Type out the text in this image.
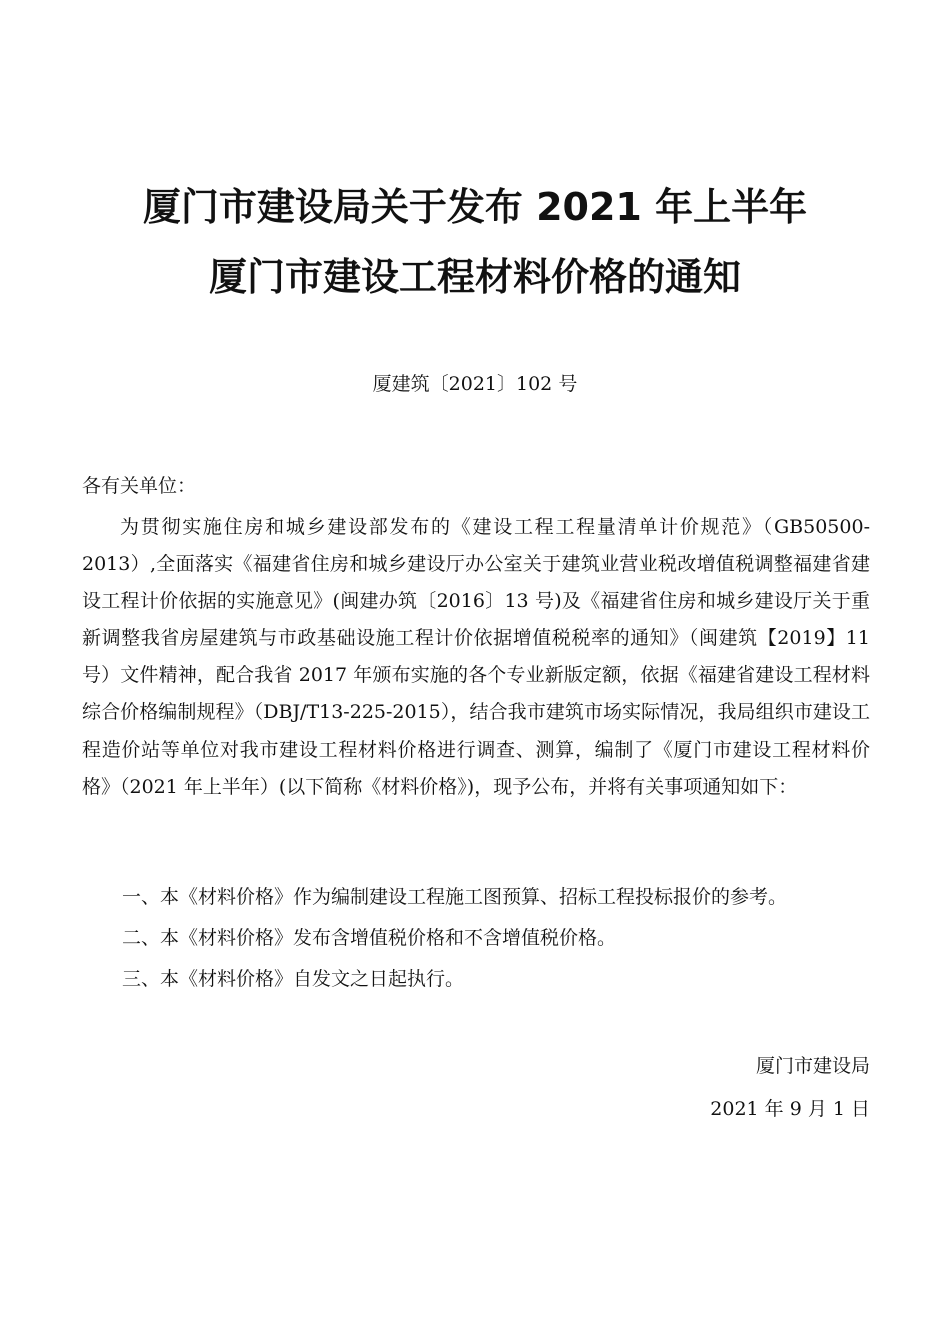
厦门市建设局关于发布 2021 年上半年
厦门市建设工程材料价格的通知
厦建筑〔2021〕102 号
各有关单位：

为贯彻实施住房和城乡建设部发布的《建设工程工程量清单计价规范》（GB50500-2013）,全面落实《福建省住房和城乡建设厅办公室关于建筑业营业税改增值税调整福建省建设工程计价依据的实施意见》(闽建办筑〔2016〕13 号)及《福建省住房和城乡建设厅关于重新调整我省房屋建筑与市政基础设施工程计价依据增值税税率的通知》（闽建筑【2019】11 号）文件精神，配合我省 2017 年颁布实施的各个专业新版定额，依据《福建省建设工程材料综合价格编制规程》（DBJ/T13-225-2015），结合我市建筑市场实际情况，我局组织市建设工程造价站等单位对我市建设工程材料价格进行调查、测算，编制了《厦门市建设工程材料价格》（2021 年上半年）(以下简称《材料价格》)，现予公布，并将有关事项通知如下：

一、本《材料价格》作为编制建设工程施工图预算、招标工程投标报价的参考。
二、本《材料价格》发布含增值税价格和不含增值税价格。
三、本《材料价格》自发文之日起执行。
厦门市建设局
2021 年 9 月 1 日
